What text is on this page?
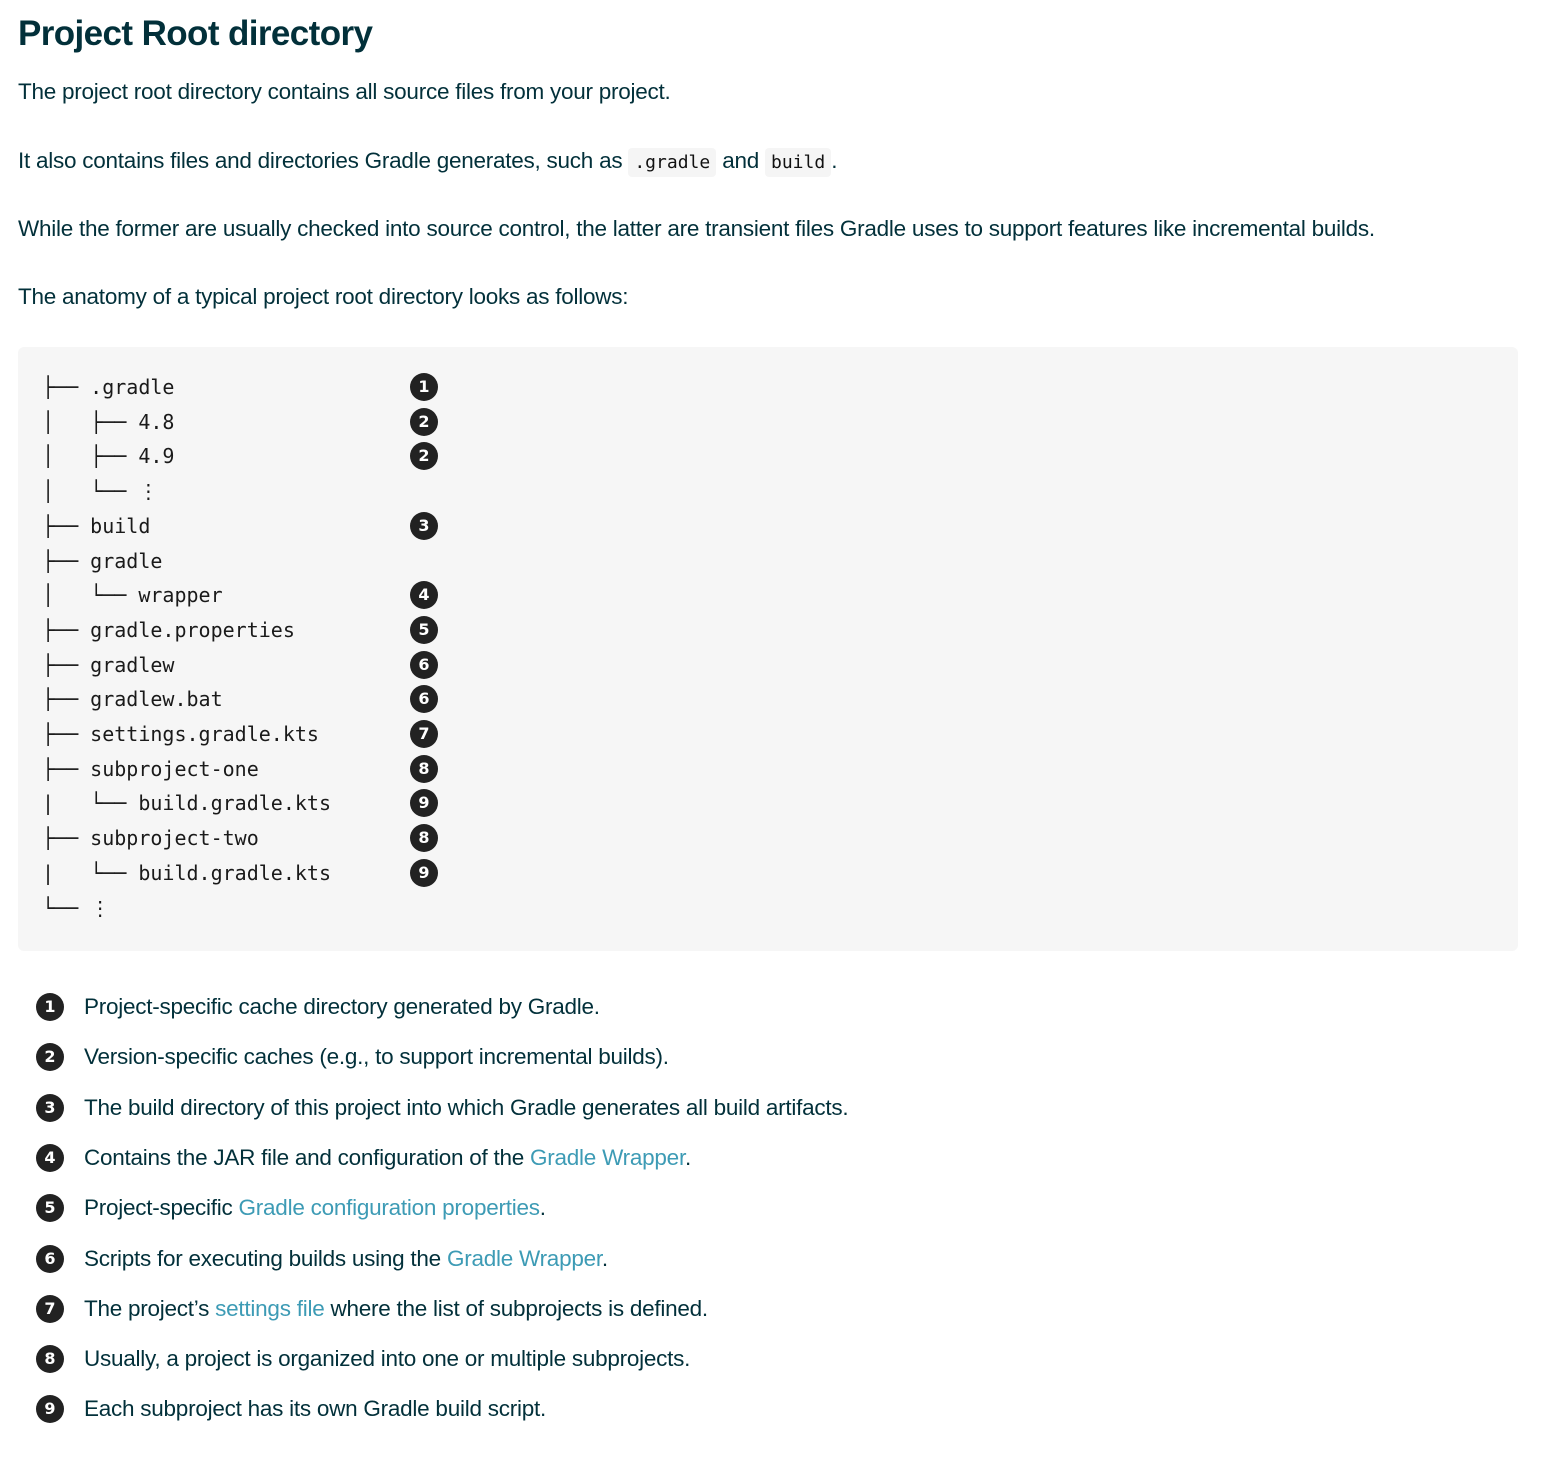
Project Root directory

The project root directory contains all source files from your project.

It also contains files and directories Gradle generates, such as .gradle and build .

While the former are usually checked into source control, the latter are transient files Gradle uses to support features like incremental builds.

The anatomy of a typical project root directory looks as follows:

├── .gradle	1
│   ├── 4.8	2
│   ├── 4.9	2
│   └── ⋮
├── build	3
├── gradle
│   └── wrapper	4
├── gradle.properties	5
├── gradlew	6
├── gradlew.bat	6
├── settings.gradle.kts	7
├── subproject-one	8
|   └── build.gradle.kts	9
├── subproject-two	8
|   └── build.gradle.kts	9
└── ⋮
1	Project-specific cache directory generated by Gradle.
2	Version-specific caches (e.g., to support incremental builds).
3	The build directory of this project into which Gradle generates all build artifacts.
4	Contains the JAR file and configuration of the Gradle Wrapper.
5	Project-specific Gradle configuration properties.
6	Scripts for executing builds using the Gradle Wrapper.
7	The project’s settings file where the list of subprojects is defined.
8	Usually, a project is organized into one or multiple subprojects.
9	Each subproject has its own Gradle build script.
